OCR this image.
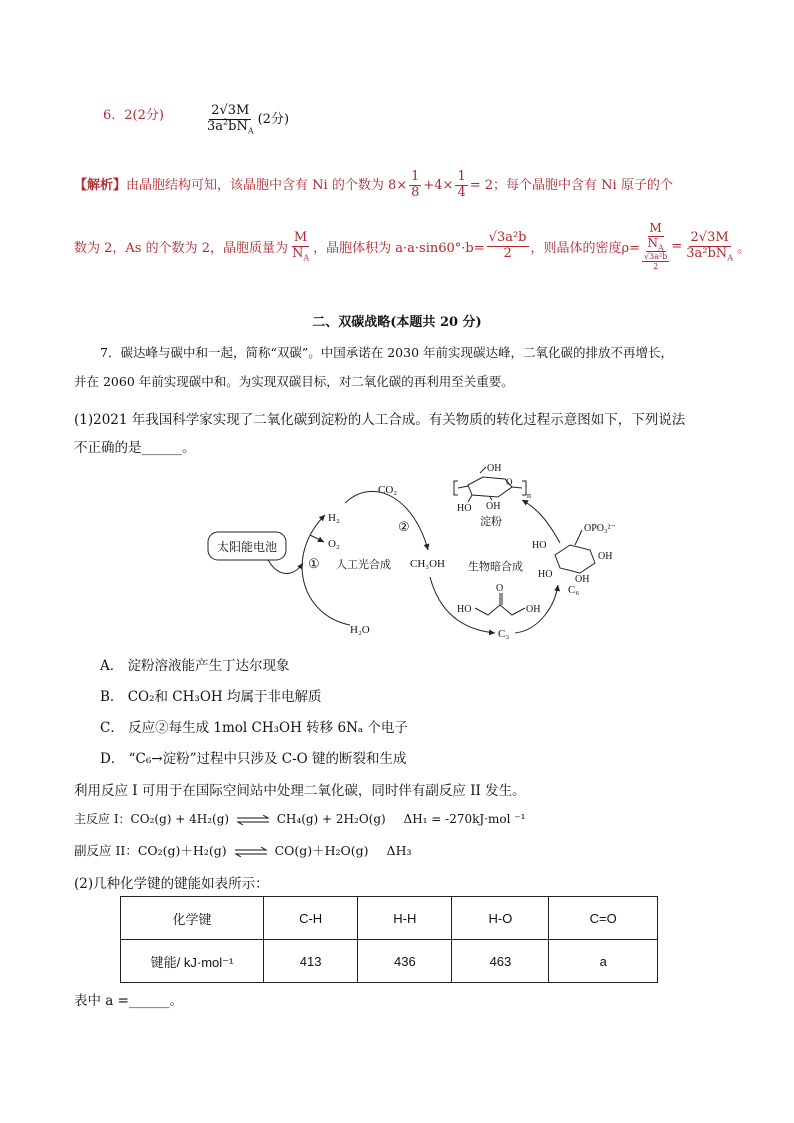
6．2(2分)	$\frac{2√3M}{3a^2bN_A} (2$分)
【解析】由晶胞结构可知，该晶胞中含有 Ni 的个数为 $8\times \frac{1}{8} +4\times \frac{1}{4} = 2$；每个晶胞中含有 Ni 原子的个
数为 2，As 的个数为 2，晶胞质量为 $\frac{M}{N_A}$ ，晶胞体积为 $a\cdot a\cdot\sin 60^\circ\cdot b= \frac{\text{√3a²b}}{2}$ ，则晶体的密度ρ=
M
$N_A$
√3a²b
2
= $\frac{2√3M}{3a^2bN_A}$ 。
二、双碳战略(本题共 20 分)
7．碳达峰与碳中和一起，简称“双碳”。中国承诺在 2030 年前实现碳达峰，二氧化碳的排放不再增长，
并在 2060 年前实现碳中和。为实现双碳目标，对二氧化碳的再利用至关重要。
(1)2021 年我国科学家实现了二氧化碳到淀粉的人工合成。有关物质的转化过程示意图如下，下列说法
不正确的是______。
太阳能电池
H₂O
H₂
O₂
① 人工光合成
CO₂
②
CH₃OH
C₃
生物暗合成
HO
O
OH
HO
OH
HO OH
C₆
OPO₃²⁻
OH
O
n
HO OH
淀粉
A． 淀粉溶液能产生丁达尔现象
B． CO₂和 CH₃OH 均属于非电解质
C． 反应②每生成 1mol CH₃OH 转移 6Nₐ 个电子
D． “C₆→淀粉”过程中只涉及 C-O 键的断裂和生成
利用反应 I 可用于在国际空间站中处理二氧化碳，同时伴有副反应 II 发生。
主反应 I：CO₂(g) + 4H₂(g) ⇌ CH₄(g) + 2H₂O(g) ΔH₁ = -270kJ·mol ⁻¹
副反应 II：CO₂(g)＋H₂(g) ⇌ CO(g)＋H₂O(g) ΔH₃
(2)几种化学键的键能如表所示：
化学键	C-H	H-H	H-O	C=O
键能/ kJ·mol⁻¹	413	436	463	a
表中 a =______。
